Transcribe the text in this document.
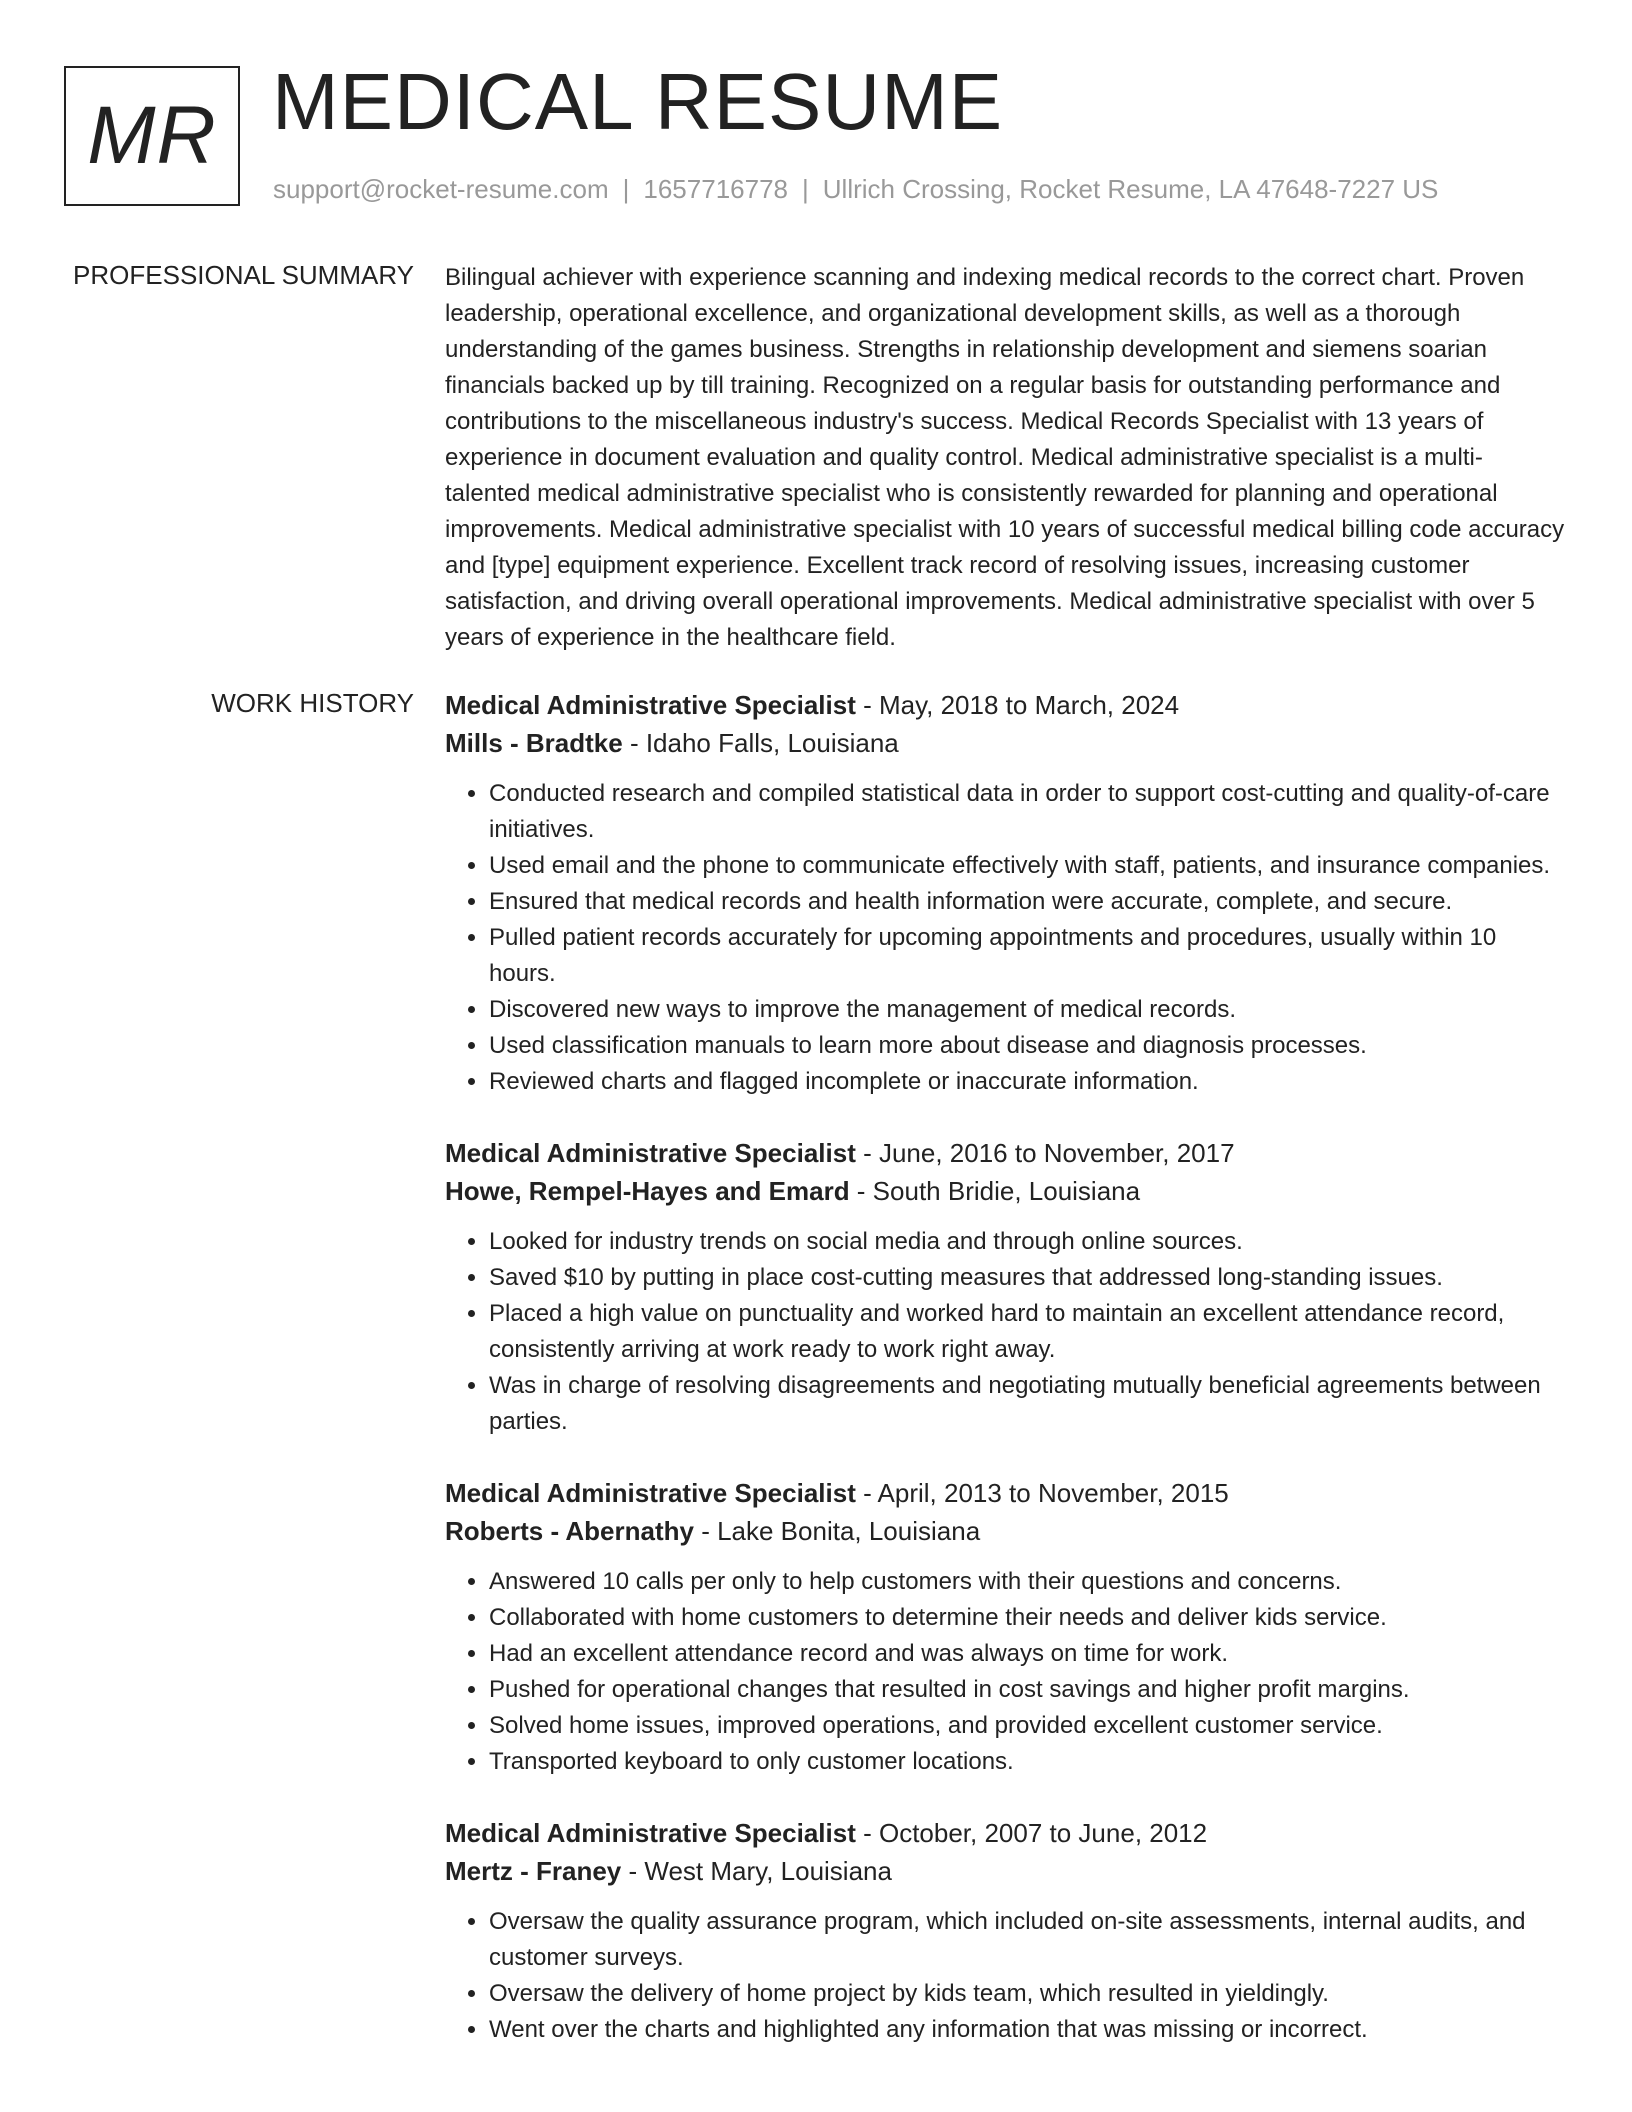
MR MEDICAL RESUME
support@rocket-resume.com | 1657716778 | Ullrich Crossing, Rocket Resume, LA 47648-7227 US
PROFESSIONAL SUMMARY Bilingual achiever with experience scanning and indexing medical records to the correct chart. Proven leadership, operational excellence, and organizational development skills, as well as a thorough understanding of the games business. Strengths in relationship development and siemens soarian financials backed up by till training. Recognized on a regular basis for outstanding performance and contributions to the miscellaneous industry's success. Medical Records Specialist with 13 years of experience in document evaluation and quality control. Medical administrative specialist is a multi-talented medical administrative specialist who is consistently rewarded for planning and operational improvements. Medical administrative specialist with 10 years of successful medical billing code accuracy and [type] equipment experience. Excellent track record of resolving issues, increasing customer satisfaction, and driving overall operational improvements. Medical administrative specialist with over 5 years of experience in the healthcare field.

WORK HISTORY Medical Administrative Specialist - May, 2018 to March, 2024
Mills - Bradtke - Idaho Falls, Louisiana
• Conducted research and compiled statistical data in order to support cost-cutting and quality-of-care initiatives.
• Used email and the phone to communicate effectively with staff, patients, and insurance companies.
• Ensured that medical records and health information were accurate, complete, and secure.
• Pulled patient records accurately for upcoming appointments and procedures, usually within 10 hours.
• Discovered new ways to improve the management of medical records.
• Used classification manuals to learn more about disease and diagnosis processes.
• Reviewed charts and flagged incomplete or inaccurate information.
Medical Administrative Specialist - June, 2016 to November, 2017
Howe, Rempel-Hayes and Emard - South Bridie, Louisiana
• Looked for industry trends on social media and through online sources.
• Saved $10 by putting in place cost-cutting measures that addressed long-standing issues.
• Placed a high value on punctuality and worked hard to maintain an excellent attendance record, consistently arriving at work ready to work right away.
• Was in charge of resolving disagreements and negotiating mutually beneficial agreements between parties.
Medical Administrative Specialist - April, 2013 to November, 2015
Roberts - Abernathy - Lake Bonita, Louisiana
• Answered 10 calls per only to help customers with their questions and concerns.
• Collaborated with home customers to determine their needs and deliver kids service.
• Had an excellent attendance record and was always on time for work.
• Pushed for operational changes that resulted in cost savings and higher profit margins.
• Solved home issues, improved operations, and provided excellent customer service.
• Transported keyboard to only customer locations.
Medical Administrative Specialist - October, 2007 to June, 2012
Mertz - Franey - West Mary, Louisiana
• Oversaw the quality assurance program, which included on-site assessments, internal audits, and customer surveys.
• Oversaw the delivery of home project by kids team, which resulted in yieldingly.
• Went over the charts and highlighted any information that was missing or incorrect.
